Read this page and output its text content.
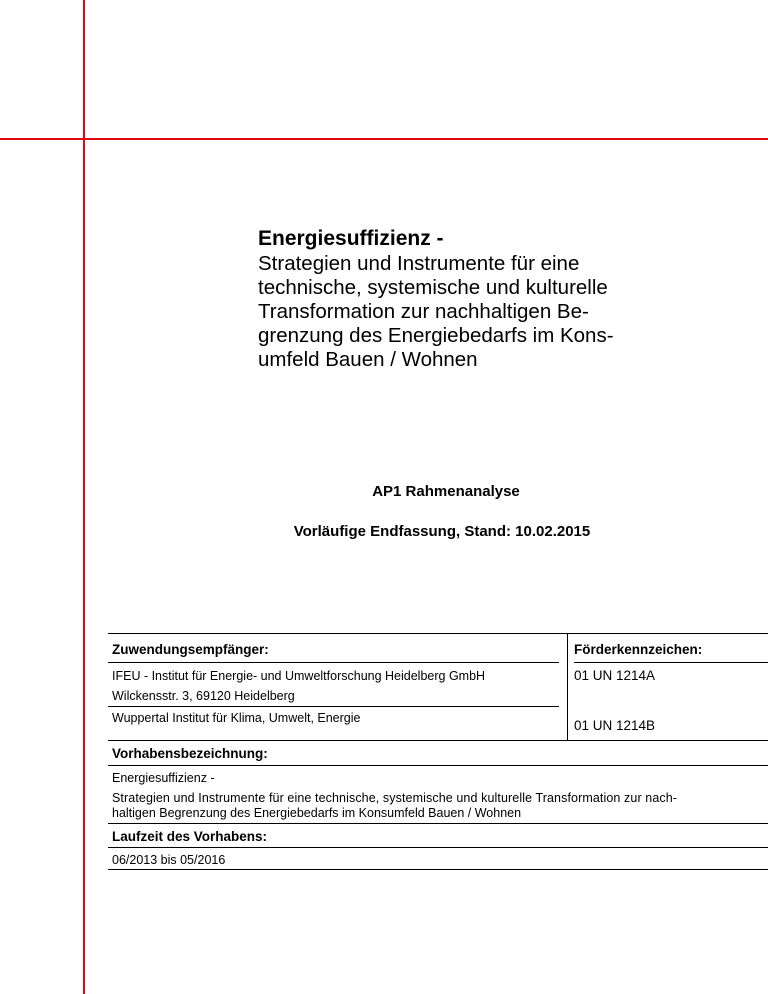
Energiesuffizienz -

Strategien und Instrumente für eine
technische, systemische und kulturelle
Transformation zur nachhaltigen Be-
grenzung des Energiebedarfs im Kons-
umfeld Bauen / Wohnen

AP1 Rahmenanalyse
Vorläufige Endfassung, Stand: 10.02.2015
Zuwendungsempfänger:	Förderkennzeichen:
IFEU - Institut für Energie- und Umweltforschung Heidelberg GmbH	01 UN 1214A
Wilckensstr. 3, 69120 Heidelberg
Wuppertal Institut für Klima, Umwelt, Energie	01 UN 1214B
Vorhabensbezeichnung:
Energiesuffizienz -
Strategien und Instrumente für eine technische, systemische und kulturelle Transformation zur nach-
haltigen Begrenzung des Energiebedarfs im Konsumfeld Bauen / Wohnen
Laufzeit des Vorhabens:
06/2013 bis 05/2016
